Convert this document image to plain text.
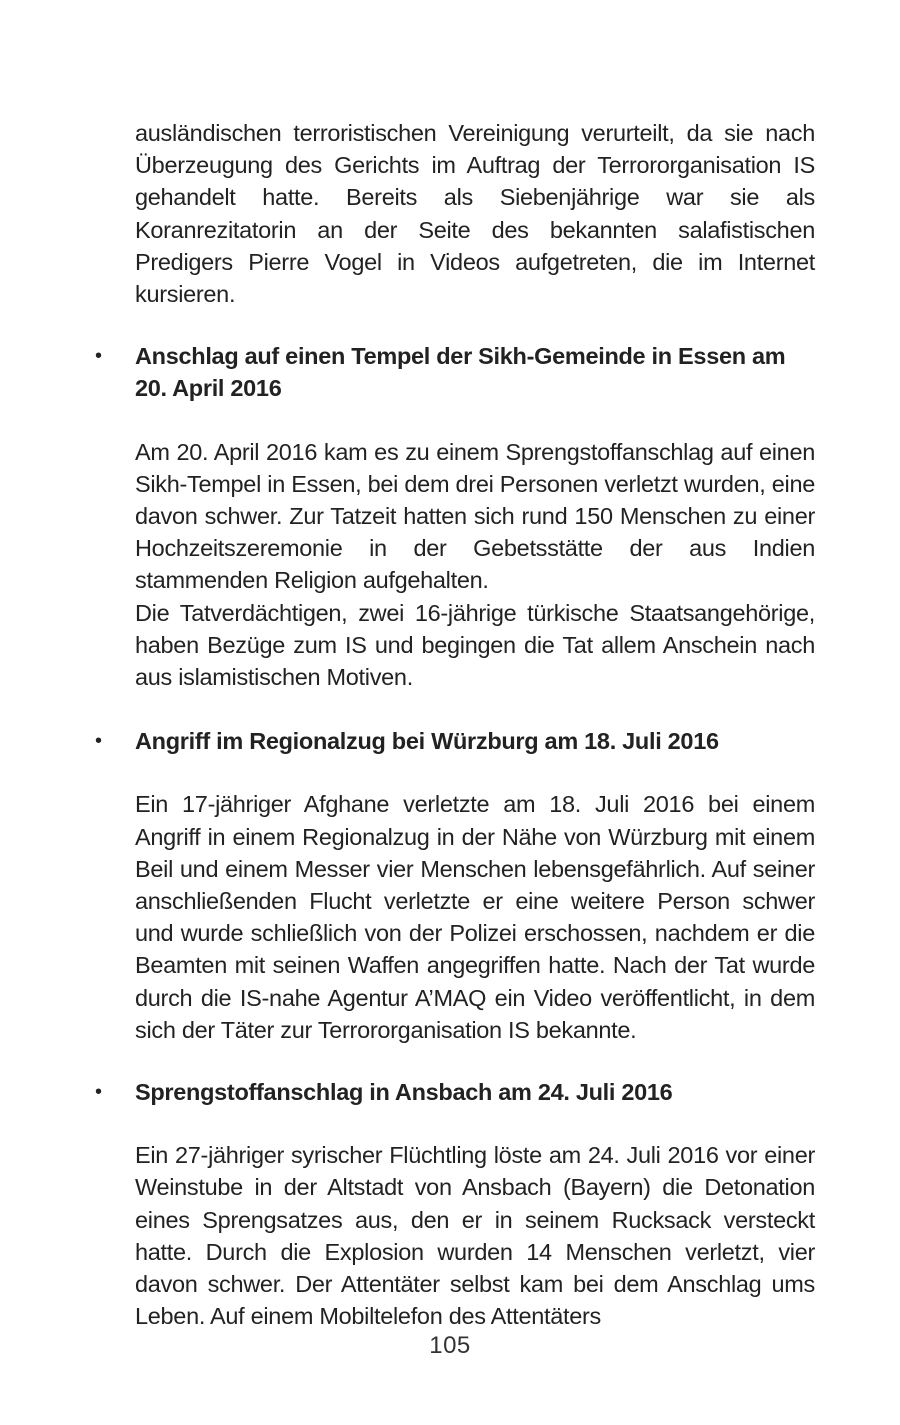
ausländischen terroristischen Vereinigung verurteilt, da sie nach Überzeugung des Gerichts im Auftrag der Terrororganisation IS gehandelt hatte. Bereits als Siebenjährige war sie als Koranrezitatorin an der Seite des bekannten salafistischen Predigers Pierre Vogel in Videos aufgetreten, die im Internet kursieren.

• Anschlag auf einen Tempel der Sikh-Gemeinde in Essen am 20. April 2016

Am 20. April 2016 kam es zu einem Sprengstoffanschlag auf einen Sikh-Tempel in Essen, bei dem drei Personen verletzt wurden, eine davon schwer. Zur Tatzeit hatten sich rund 150 Menschen zu einer Hochzeitszeremonie in der Gebetsstätte der aus Indien stammenden Religion aufgehalten.

Die Tatverdächtigen, zwei 16-jährige türkische Staatsangehörige, haben Bezüge zum IS und begingen die Tat allem Anschein nach aus islamistischen Motiven.

• Angriff im Regionalzug bei Würzburg am 18. Juli 2016

Ein 17-jähriger Afghane verletzte am 18. Juli 2016 bei einem Angriff in einem Regionalzug in der Nähe von Würzburg mit einem Beil und einem Messer vier Menschen lebensgefährlich. Auf seiner anschließenden Flucht verletzte er eine weitere Person schwer und wurde schließlich von der Polizei erschossen, nachdem er die Beamten mit seinen Waffen angegriffen hatte. Nach der Tat wurde durch die IS-nahe Agentur A’MAQ ein Video veröffentlicht, in dem sich der Täter zur Terrororganisation IS bekannte.

• Sprengstoffanschlag in Ansbach am 24. Juli 2016

Ein 27-jähriger syrischer Flüchtling löste am 24. Juli 2016 vor einer Weinstube in der Altstadt von Ansbach (Bayern) die Detonation eines Sprengsatzes aus, den er in seinem Rucksack versteckt hatte. Durch die Explosion wurden 14 Menschen verletzt, vier davon schwer. Der Attentäter selbst kam bei dem Anschlag ums Leben. Auf einem Mobiltelefon des Attentäters

105
